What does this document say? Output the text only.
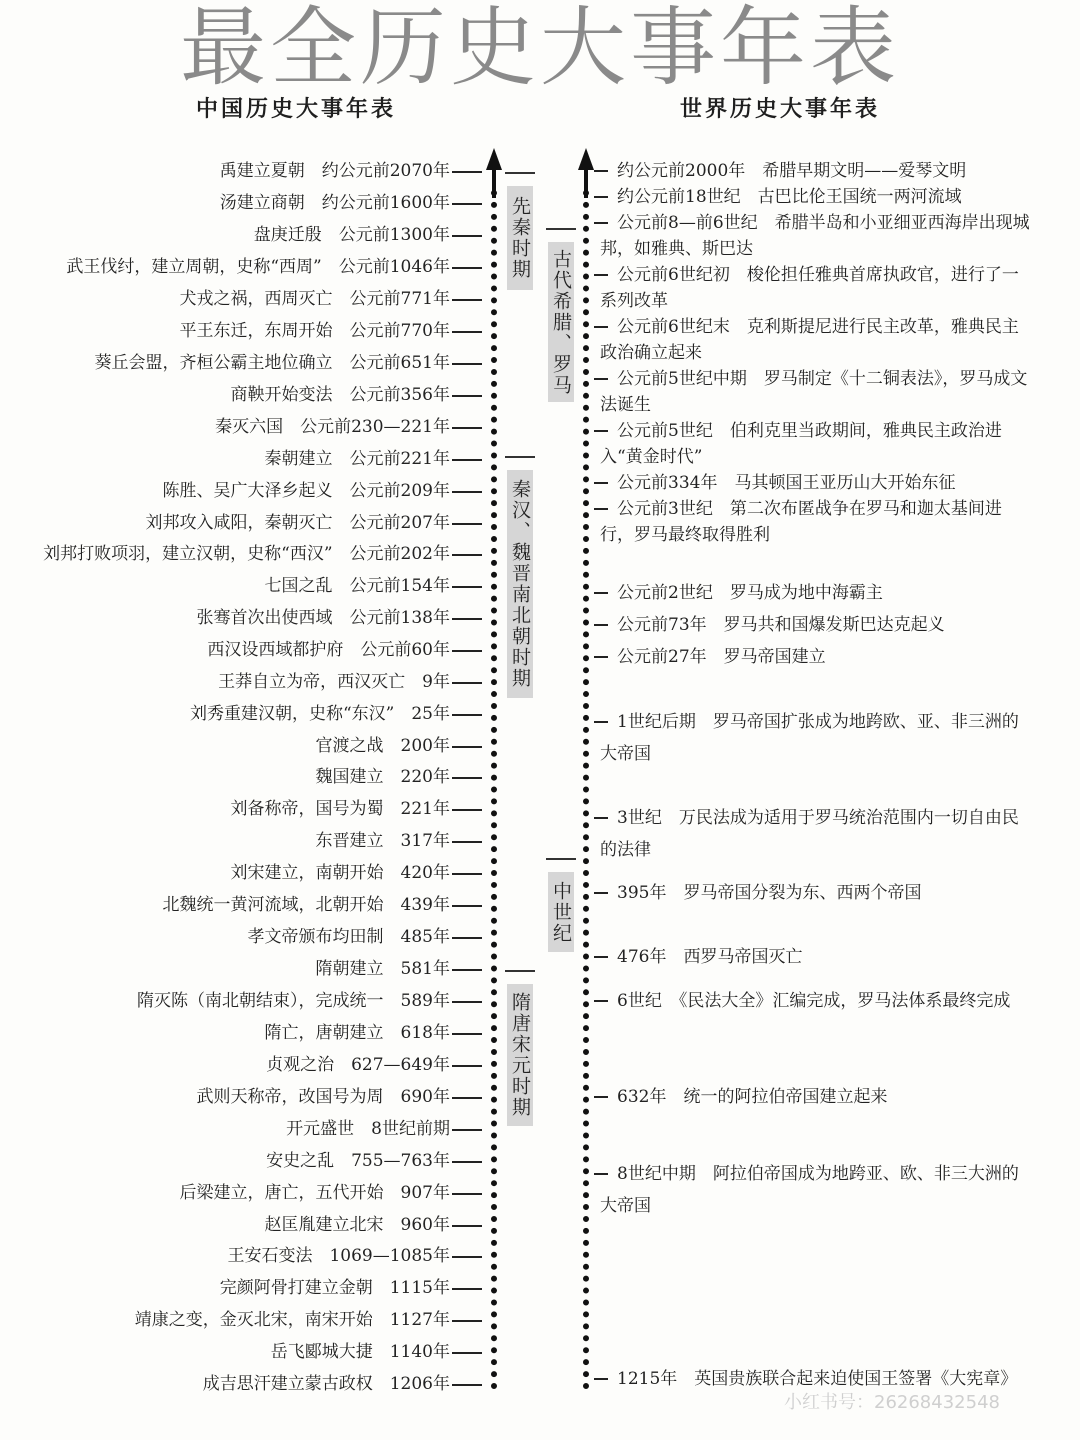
最全历史大事年表
中国历史大事年表	世界历史大事年表
禹建立夏朝　 约公元前2070年
汤建立商朝　 约公元前1600年
盘庚迁殷　 公元前1300年
武王伐纣，建立周朝，史称“西周”　 公元前1046年
犬戎之祸，西周灭亡　 公元前771年
平王东迁，东周开始　 公元前770年
葵丘会盟，齐桓公霸主地位确立　 公元前651年
商鞅开始变法　 公元前356年
秦灭六国　 公元前230—221年
秦朝建立　 公元前221年
陈胜、吴广大泽乡起义　 公元前209年
刘邦攻入咸阳，秦朝灭亡　 公元前207年
刘邦打败项羽，建立汉朝，史称“西汉”　 公元前202年
七国之乱　 公元前154年
张骞首次出使西域　 公元前138年
西汉设西域都护府　 公元前60年
王莽自立为帝，西汉灭亡　 9年
刘秀重建汉朝，史称“东汉”　 25年
官渡之战　 200年
魏国建立　 220年
刘备称帝，国号为蜀　 221年
东晋建立　 317年
刘宋建立，南朝开始　 420年
北魏统一黄河流域，北朝开始　 439年
孝文帝颁布均田制　 485年
隋朝建立　 581年
隋灭陈（南北朝结束），完成统一　 589年
隋亡，唐朝建立　 618年
贞观之治　 627—649年
武则天称帝，改国号为周　 690年
开元盛世　 8世纪前期
安史之乱　 755—763年
后梁建立，唐亡，五代开始　 907年
赵匡胤建立北宋　 960年
王安石变法　 1069—1085年
完颜阿骨打建立金朝　 1115年
靖康之变，金灭北宋，南宋开始　 1127年
岳飞郾城大捷　 1140年
成吉思汗建立蒙古政权　 1206年
先秦时期
秦汉、魏晋南北朝时期
隋唐宋元时期
古代希腊、罗马
中世纪
　约公元前2000年　 希腊早期文明——爱琴文明
　约公元前18世纪　 古巴比伦王国统一两河流域
　公元前8—前6世纪　 希腊半岛和小亚细亚西海岸出现城邦，如雅典、斯巴达
　公元前6世纪初　 梭伦担任雅典首席执政官，进行了一系列改革
　公元前6世纪末　 克利斯提尼进行民主改革，雅典民主政治确立起来
　公元前5世纪中期　 罗马制定《十二铜表法》，罗马成文法诞生
　公元前5世纪　 伯利克里当政期间，雅典民主政治进入“黄金时代”
　公元前334年　 马其顿国王亚历山大开始东征
　公元前3世纪　 第二次布匿战争在罗马和迦太基间进行，罗马最终取得胜利
　公元前2世纪　 罗马成为地中海霸主
　公元前73年　 罗马共和国爆发斯巴达克起义
　公元前27年　 罗马帝国建立
　1世纪后期　 罗马帝国扩张成为地跨欧、亚、非三洲的大帝国
　3世纪　 万民法成为适用于罗马统治范围内一切自由民的法律
　395年　 罗马帝国分裂为东、西两个帝国
　476年　 西罗马帝国灭亡
　6世纪　 《民法大全》汇编完成，罗马法体系最终完成
　632年　 统一的阿拉伯帝国建立起来
　8世纪中期　 阿拉伯帝国成为地跨亚、欧、非三大洲的大帝国
　1215年　 英国贵族联合起来迫使国王签署《大宪章》
小红书号：2626843254​8
